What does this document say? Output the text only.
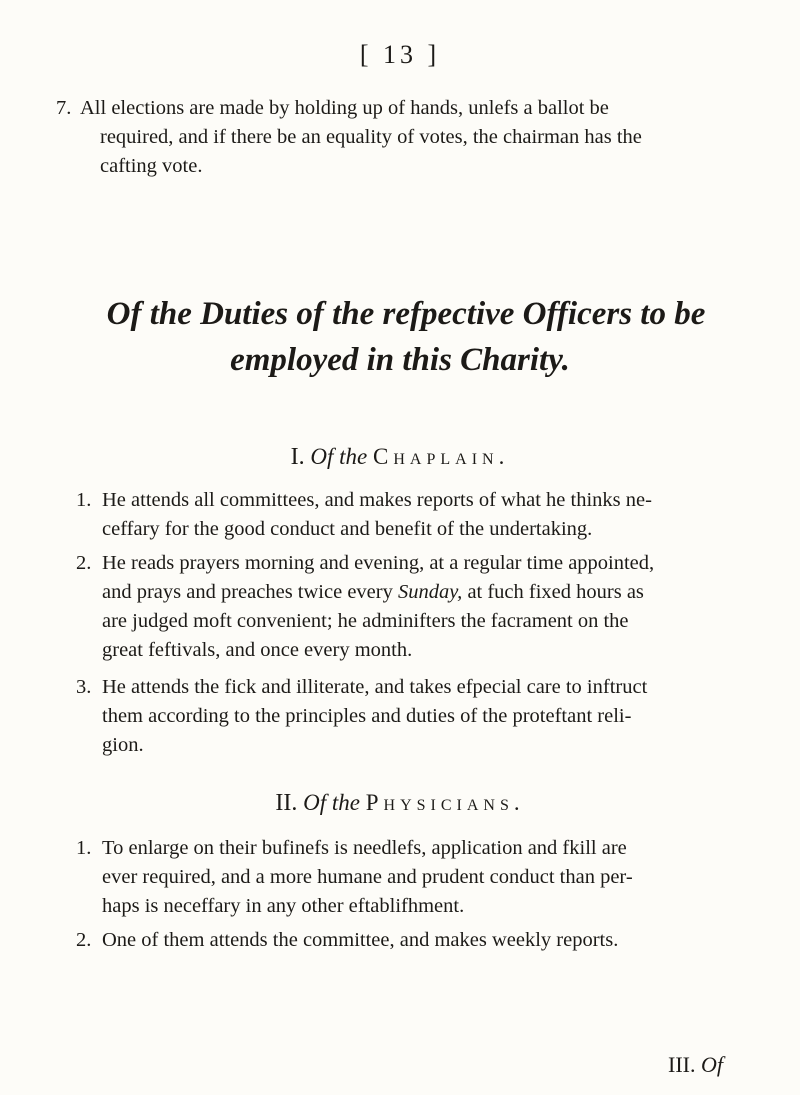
[ 13 ]
7. All elections are made by holding up of hands, unlefs a ballot be
required, and if there be an equality of votes, the chairman has the
cafting vote.
Of the Duties of the refpective Officers to be
employed in this Charity.
I. Of the Chaplain.
1. He attends all committees, and makes reports of what he thinks ne-
ceffary for the good conduct and benefit of the undertaking.
2. He reads prayers morning and evening, at a regular time appointed,
and prays and preaches twice every Sunday, at fuch fixed hours as
are judged moft convenient; he adminifters the facrament on the
great feftivals, and once every month.
3. He attends the fick and illiterate, and takes efpecial care to inftruct
them according to the principles and duties of the proteftant reli-
gion.
II. Of the Physicians.
1. To enlarge on their bufinefs is needlefs, application and fkill are
ever required, and a more humane and prudent conduct than per-
haps is neceffary in any other eftablifhment.
2. One of them attends the committee, and makes weekly reports.
III. Of
